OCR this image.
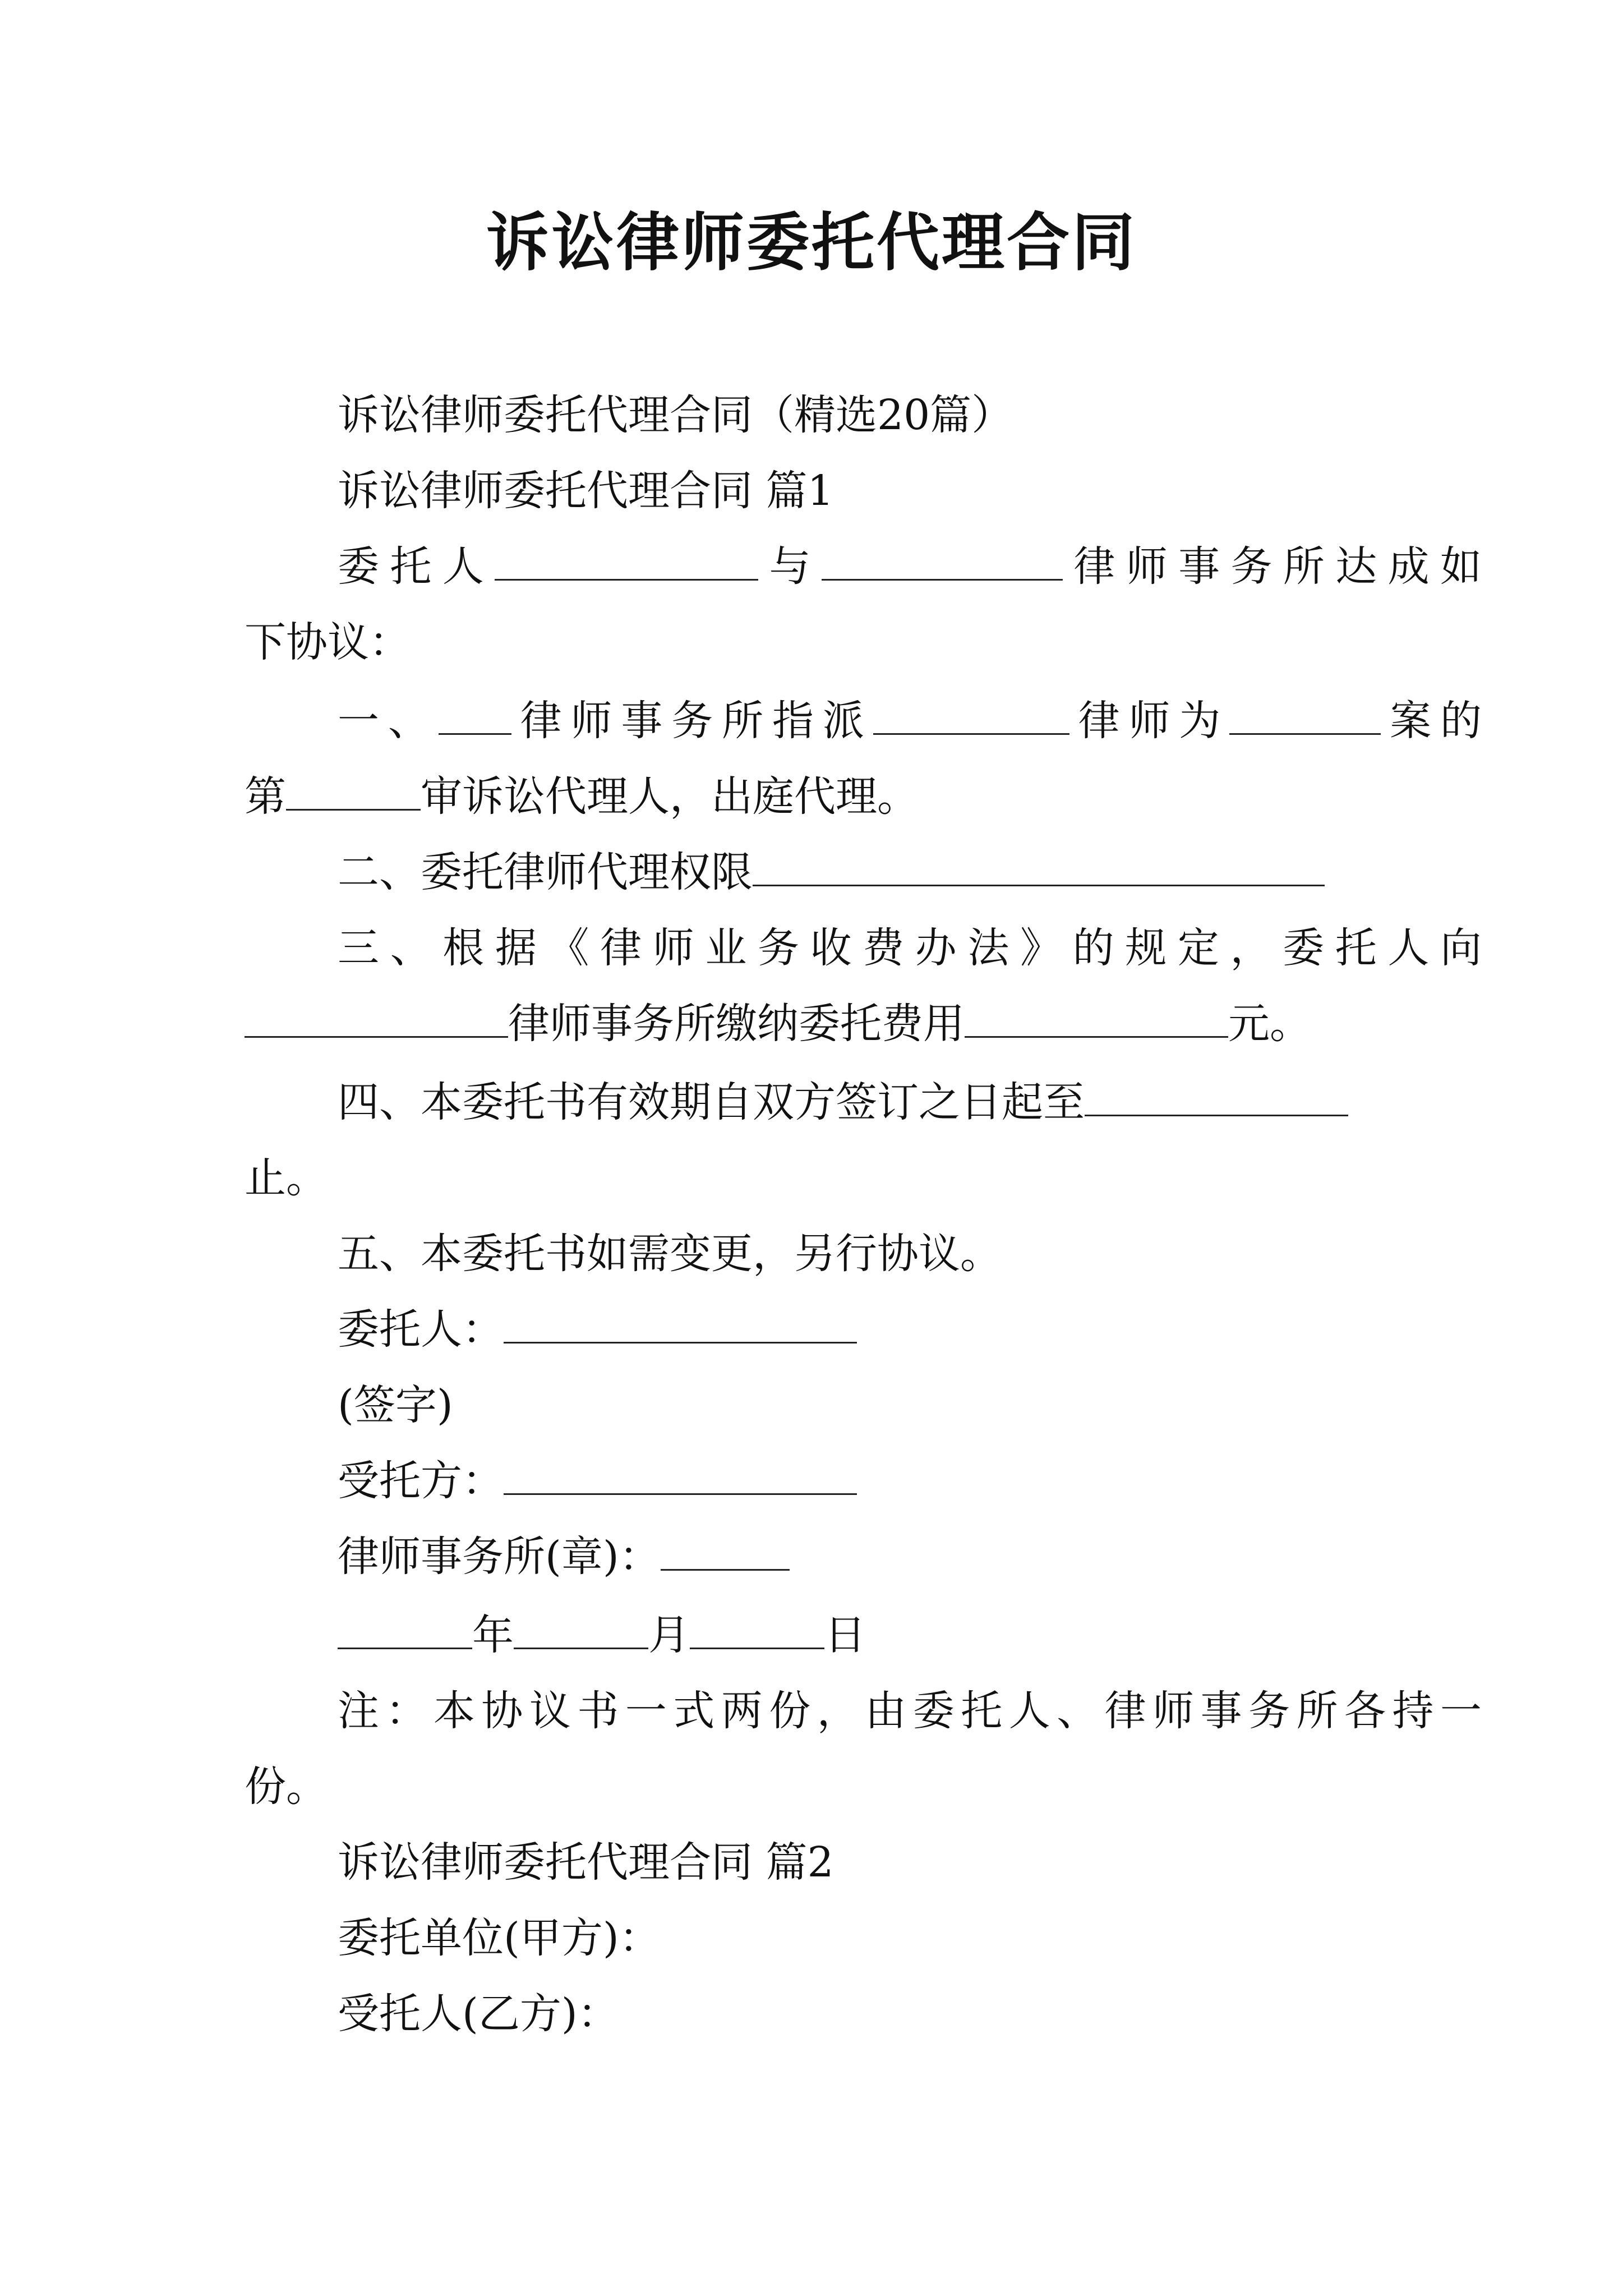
诉讼律师委托代理合同
诉讼律师委托代理合同（精选20篇）
诉讼律师委托代理合同 篇1
委托人	与	律师事务所达成如
下协议：
一、 律师事务所指派	律师为	案的
第	审诉讼代理人，出庭代理。
二、委托律师代理权限
三、根据《律师业务收费办法》的规定，委托人向
律师事务所缴纳委托费用	元。
四、本委托书有效期自双方签订之日起至
止。
五、本委托书如需变更，另行协议。
委托人：
(签字)
受托方：
律师事务所(章)：
年	月	日
注：本协议书一式两份，由委托人、律师事务所各持一
份。
诉讼律师委托代理合同 篇2
委托单位(甲方)：
受托人(乙方)：
